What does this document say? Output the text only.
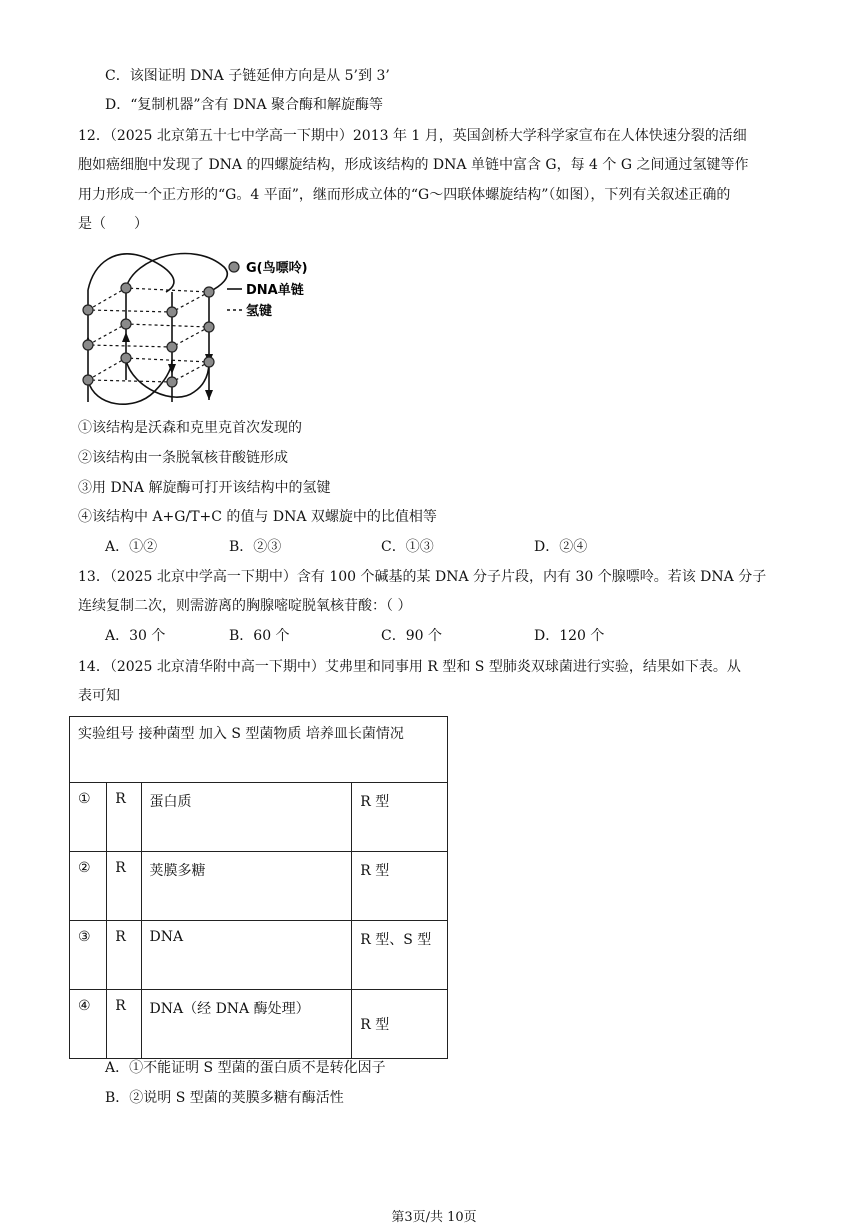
C．该图证明 DNA 子链延伸方向是从 5’到 3’
D．“复制机器”含有 DNA 聚合酶和解旋酶等
12．（2025 北京第五十七中学高一下期中）2013 年 1 月，英国剑桥大学科学家宣布在人体快速分裂的活细
胞如癌细胞中发现了 DNA 的四螺旋结构，形成该结构的 DNA 单链中富含 G，每 4 个 G 之间通过氢键等作
用力形成一个正方形的“G。4 平面”，继而形成立体的“G～四联体螺旋结构”（如图），下列有关叙述正确的
是（　　）
G(鸟嘌呤)
DNA单链
氢键
①该结构是沃森和克里克首次发现的
②该结构由一条脱氧核苷酸链形成
③用 DNA 解旋酶可打开该结构中的氢键
④该结构中 A+G/T+C 的值与 DNA 双螺旋中的比值相等
A．①②	B．②③	C．①③	D．②④
13．（2025 北京中学高一下期中）含有 100 个碱基的某 DNA 分子片段，内有 30 个腺嘌呤。若该 DNA 分子
连续复制二次，则需游离的胸腺嘧啶脱氧核苷酸：（ ）
A．30 个	B．60 个	C．90 个	D．120 个
14．（2025 北京清华附中高一下期中）艾弗里和同事用 R 型和 S 型肺炎双球菌进行实验，结果如下表。从
表可知
实验组号 接种菌型 加入 S 型菌物质 培养皿长菌情况			
①	R	蛋白质	R 型
②	R	荚膜多糖	R 型
③	R	DNA	R 型、S 型
④	R	DNA（经 DNA 酶处理）	R 型
A．①不能证明 S 型菌的蛋白质不是转化因子
B．②说明 S 型菌的荚膜多糖有酶活性
第3页/共 10页
